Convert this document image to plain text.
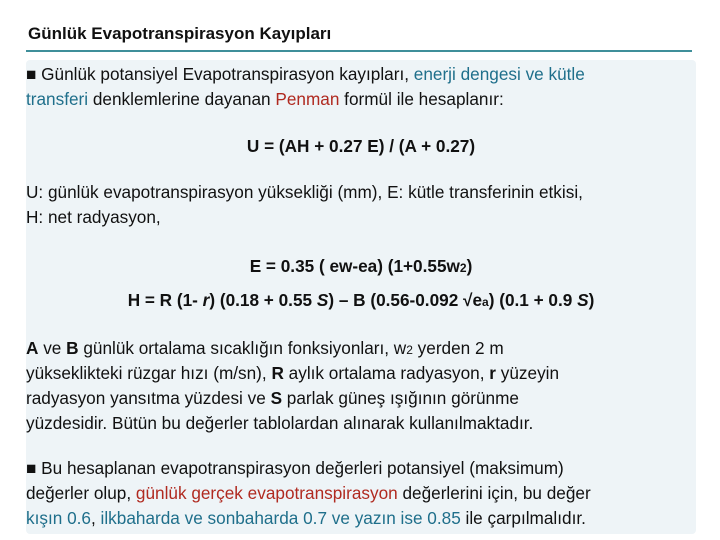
Günlük Evapotranspirasyon Kayıpları
■ Günlük potansiyel Evapotranspirasyon kayıpları, enerji dengesi ve kütle
transferi denklemlerine dayanan Penman formül ile hesaplanır:
U = (AH + 0.27 E) / (A + 0.27)
U: günlük evapotranspirasyon yüksekliği (mm), E: kütle transferinin etkisi,
H: net radyasyon,
E = 0.35 ( ew-ea) (1+0.55w2)
H = R (1- r) (0.18 + 0.55 S) – B (0.56-0.092 √ea) (0.1 + 0.9 S)
A ve B günlük ortalama sıcaklığın fonksiyonları, w2 yerden 2 m
yükseklikteki rüzgar hızı (m/sn), R aylık ortalama radyasyon, r yüzeyin
radyasyon yansıtma yüzdesi ve S parlak güneş ışığının görünme
yüzdesidir. Bütün bu değerler tablolardan alınarak kullanılmaktadır.
■ Bu hesaplanan evapotranspirasyon değerleri potansiyel (maksimum)
değerler olup, günlük gerçek evapotranspirasyon değerlerini için, bu değer
kışın 0.6, ilkbaharda ve sonbaharda 0.7 ve yazın ise 0.85 ile çarpılmalıdır.
